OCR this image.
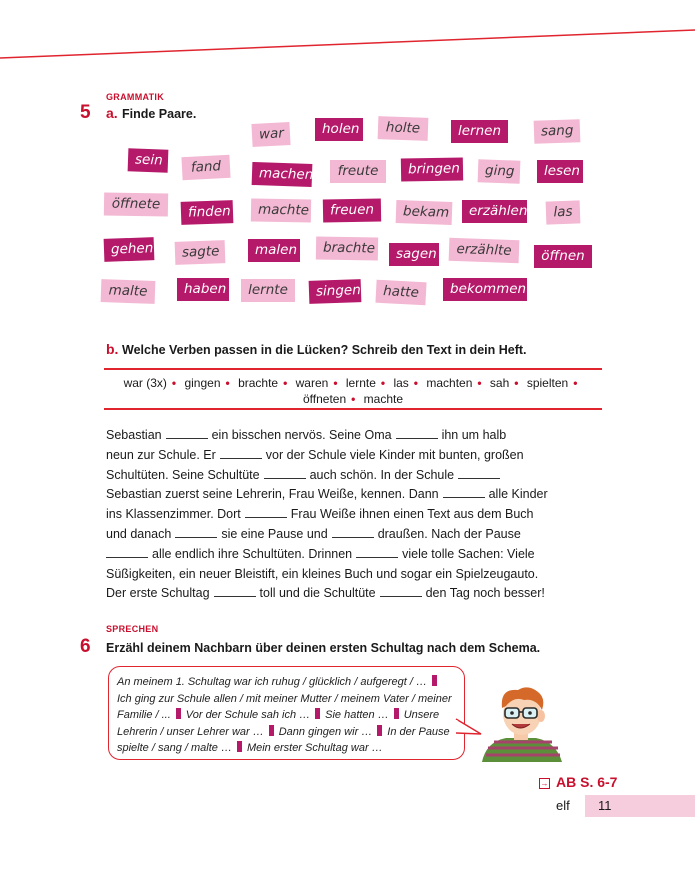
GRAMMATIK
5 a. Finde Paare.
war	holen	holte	lernen	sang
sein	fand	machen	freute	bringen	ging	lesen
öffnete	finden	machte	freuen	bekam	erzählen	las
gehen	sagte	malen	brachte	sagen	erzählte	öffnen
malte	haben	lernte	singen	hatte	bekommen
b. Welche Verben passen in die Lücken? Schreib den Text in dein Heft.
war (3x) • gingen • brachte • waren • lernte • las • machten • sah • spielten •
öffneten • machte
Sebastian	ein bisschen nervös. Seine Oma	ihn um halb
neun zur Schule. Er	vor der Schule viele Kinder mit bunten, großen
Schultüten. Seine Schultüte	auch schön. In der Schule
Sebastian zuerst seine Lehrerin, Frau Weiße, kennen. Dann	alle Kinder
ins Klassenzimmer. Dort	Frau Weiße ihnen einen Text aus dem Buch
und danach	sie eine Pause und	draußen. Nach der Pause
alle endlich ihre Schultüten. Drinnen	viele tolle Sachen: Viele
Süßigkeiten, ein neuer Bleistift, ein kleines Buch und sogar ein Spielzeugauto.
Der erste Schultag	toll und die Schultüte	den Tag noch besser!
SPRECHEN
6 Erzähl deinem Nachbarn über deinen ersten Schultag nach dem Schema.
An meinem 1. Schultag war ich ruhug / glücklich / aufgeregt / …
Ich ging zur Schule allen / mit meiner Mutter / meinem Vater / meiner
Familie / ... Vor der Schule sah ich … Sie hatten … Unsere
Lehrerin / unser Lehrer war … Dann gingen wir … In der Pause
spielte / sang / malte … Mein erster Schultag war …
→ AB S. 6-7
elf 11
